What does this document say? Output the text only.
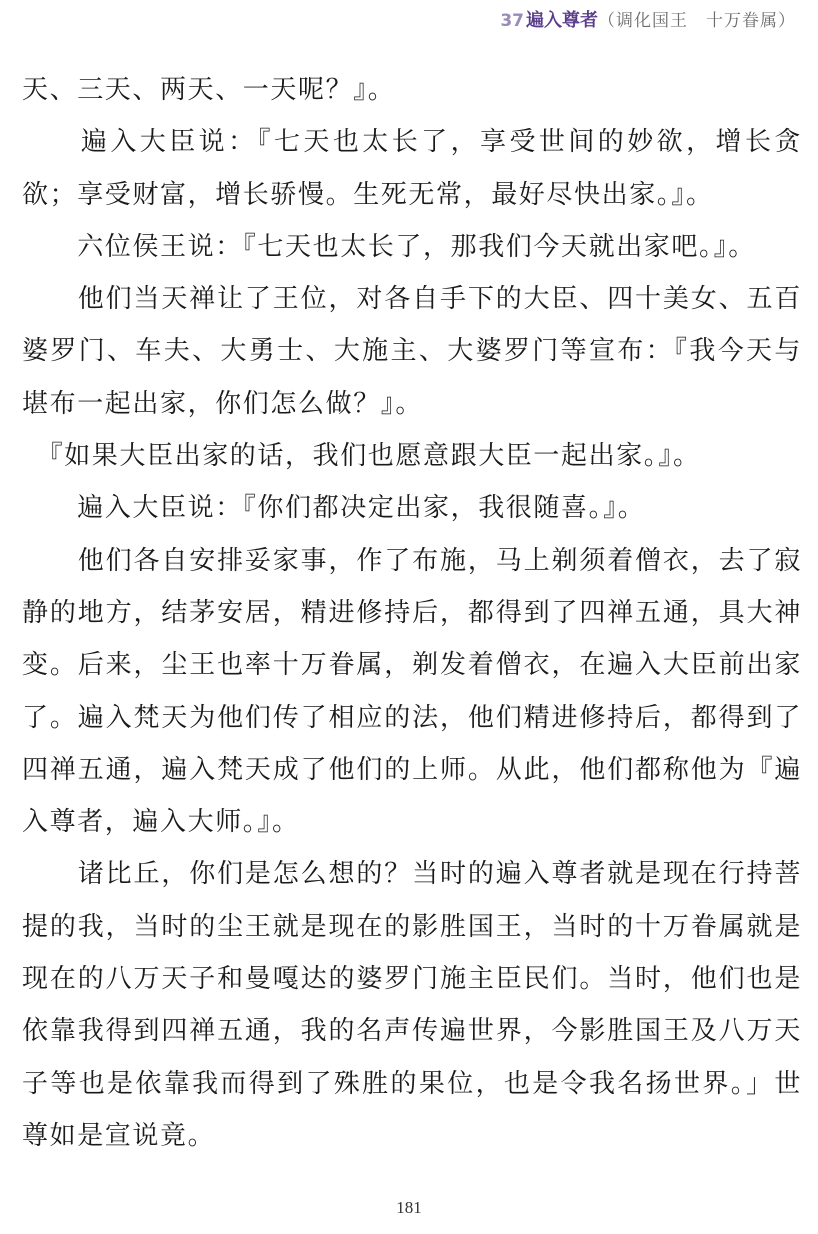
37 遍入尊者 （调化国王　十万眷属）

天、三天、两天、一天呢？』。

　　遍入大臣说：『七天也太长了，享受世间的妙欲，增长贪欲；享受财富，增长骄慢。生死无常，最好尽快出家。』。

　　六位侯王说：『七天也太长了，那我们今天就出家吧。』。

　　他们当天禅让了王位，对各自手下的大臣、四十美女、五百婆罗门、车夫、大勇士、大施主、大婆罗门等宣布：『我今天与堪布一起出家，你们怎么做？』。

　『如果大臣出家的话，我们也愿意跟大臣一起出家。』。

　　遍入大臣说：『你们都决定出家，我很随喜。』。

　　他们各自安排妥家事，作了布施，马上剃须着僧衣，去了寂静的地方，结茅安居，精进修持后，都得到了四禅五通，具大神变。后来，尘王也率十万眷属，剃发着僧衣，在遍入大臣前出家了。遍入梵天为他们传了相应的法，他们精进修持后，都得到了四禅五通，遍入梵天成了他们的上师。从此，他们都称他为『遍入尊者，遍入大师。』。

　　诸比丘，你们是怎么想的？当时的遍入尊者就是现在行持菩提的我，当时的尘王就是现在的影胜国王，当时的十万眷属就是现在的八万天子和曼嘎达的婆罗门施主臣民们。当时，他们也是依靠我得到四禅五通，我的名声传遍世界，今影胜国王及八万天子等也是依靠我而得到了殊胜的果位，也是令我名扬世界。」世尊如是宣说竟。

181
